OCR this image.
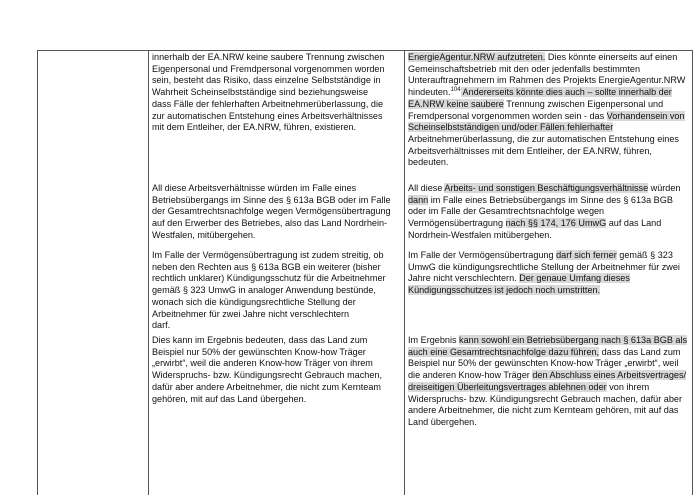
innerhalb der EA.NRW keine saubere Trennung zwischen Eigenpersonal und Fremdpersonal vorgenommen worden sein, besteht das Risiko, dass einzelne Selbstständige in Wahrheit Scheinselbstständige sind beziehungsweise dass Fälle der fehlerhaften Arbeitnehmerüberlassung, die zur automatischen Entstehung eines Arbeitsverhältnisses
mit dem Entleiher, der EA.NRW, führen, existieren.

All diese Arbeitsverhältnisse würden im Falle eines Betriebsübergangs im Sinne des § 613a BGB oder im Falle der Gesamtrechtsnachfolge wegen Vermögensübertragung auf den Erwerber des Betriebes, also das Land Nordrhein-Westfalen, mitübergehen.

Im Falle der Vermögensübertragung ist zudem streitig, ob neben den Rechten aus § 613a BGB ein weiterer (bisher rechtlich unklarer) Kündigungsschutz für die Arbeitnehmer gemäß § 323 UmwG in analoger Anwendung bestünde, wonach sich die kündigungsrechtliche Stellung der Arbeitnehmer für zwei Jahre nicht verschlechtern
darf.

Dies kann im Ergebnis bedeuten, dass das Land zum Beispiel nur 50% der gewünschten Know-how Träger „erwirbt“, weil die anderen Know-how Träger von ihrem Widerspruchs- bzw. Kündigungsrecht Gebrauch machen, dafür aber andere Arbeitnehmer, die nicht zum Kernteam gehören, mit auf das Land übergehen.

EnergieAgentur.NRW aufzutreten. Dies könnte einerseits auf einen Gemeinschaftsbetrieb mit den oder jedenfalls bestimmten Unterauftragnehmern im Rahmen des Projekts EnergieAgentur.NRW hindeuten.$^{104}$ Andererseits könnte dies auch – sollte innerhalb der EA.NRW keine saubere Trennung zwischen Eigenpersonal und Fremdpersonal vorgenommen worden sein - das Vorhandensein von Scheinselbstständigen und/oder Fällen fehlerhafter Arbeitnehmerüberlassung, die zur automatischen Entstehung eines Arbeitsverhältnisses mit dem Entleiher, der EA.NRW, führen, bedeuten.

All diese Arbeits- und sonstigen Beschäftigungsverhältnisse würden dann im Falle eines Betriebsübergangs im Sinne des § 613a BGB oder im Falle der Gesamtrechtsnachfolge wegen Vermögensübertragung nach §§ 174, 176 UmwG auf das Land Nordrhein-Westfalen mitübergehen.

Im Falle der Vermögensübertragung darf sich ferner gemäß § 323 UmwG die kündigungsrechtliche Stellung der Arbeitnehmer für zwei Jahre nicht verschlechtern. Der genaue Umfang dieses Kündigungsschutzes ist jedoch noch umstritten.

Im Ergebnis kann sowohl ein Betriebsübergang nach § 613a BGB als auch eine Gesamtrechtsnachfolge dazu führen, dass das Land zum Beispiel nur 50% der gewünschten Know-how Träger „erwirbt“, weil die anderen Know-how Träger den Abschluss eines Arbeitsvertrages/ dreiseitigen Überleitungsvertrages ablehnen oder von ihrem Widerspruchs- bzw. Kündigungsrecht Gebrauch machen, dafür aber andere Arbeitnehmer, die nicht zum Kernteam gehören, mit auf das Land übergehen.
